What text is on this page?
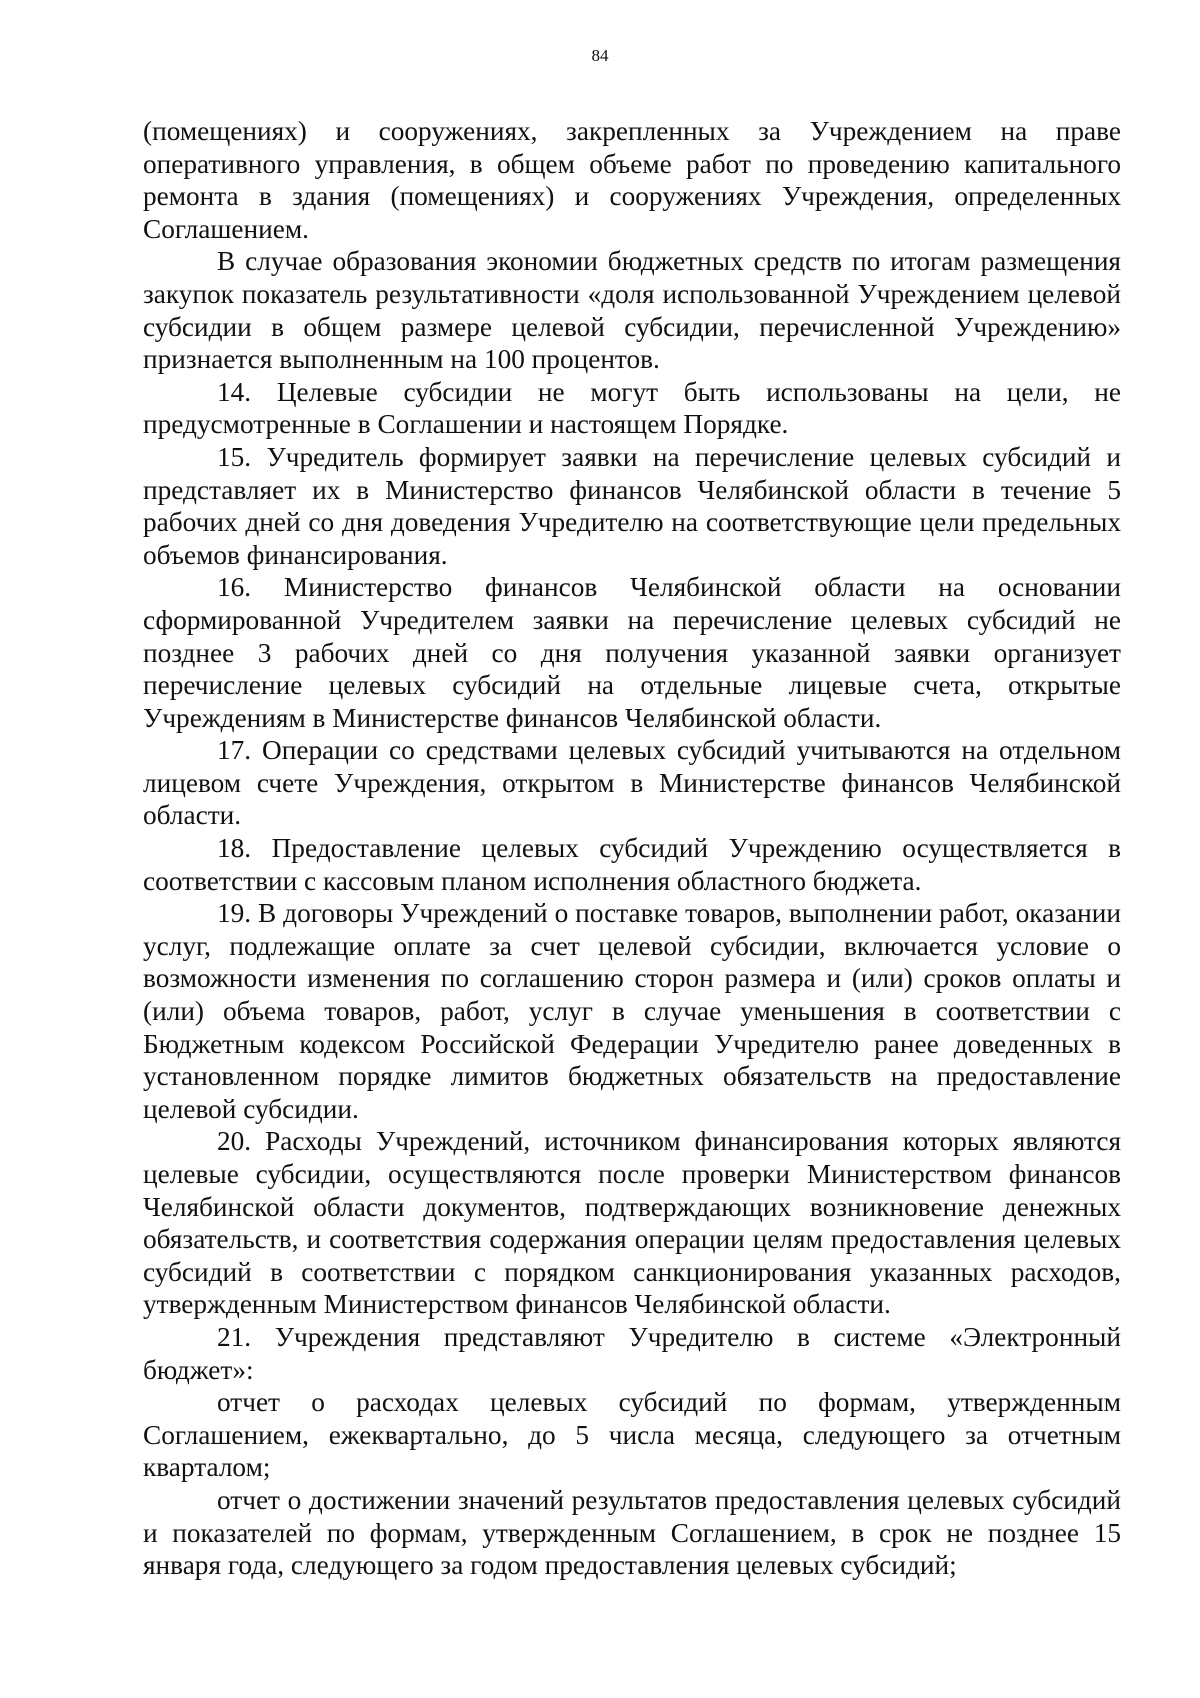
84

(помещениях) и сооружениях, закрепленных за Учреждением на праве оперативного управления, в общем объеме работ по проведению капитального ремонта в здания (помещениях) и сооружениях Учреждения, определенных Соглашением.

В случае образования экономии бюджетных средств по итогам размещения закупок показатель результативности «доля использованной Учреждением целевой субсидии в общем размере целевой субсидии, перечисленной Учреждению» признается выполненным на 100 процентов.

14. Целевые субсидии не могут быть использованы на цели, не предусмотренные в Соглашении и настоящем Порядке.

15. Учредитель формирует заявки на перечисление целевых субсидий и представляет их в Министерство финансов Челябинской области в течение 5 рабочих дней со дня доведения Учредителю на соответствующие цели предельных объемов финансирования.

16. Министерство финансов Челябинской области на основании сформированной Учредителем заявки на перечисление целевых субсидий не позднее 3 рабочих дней со дня получения указанной заявки организует перечисление целевых субсидий на отдельные лицевые счета, открытые Учреждениям в Министерстве финансов Челябинской области.

17. Операции со средствами целевых субсидий учитываются на отдельном лицевом счете Учреждения, открытом в Министерстве финансов Челябинской области.

18. Предоставление целевых субсидий Учреждению осуществляется в соответствии с кассовым планом исполнения областного бюджета.

19. В договоры Учреждений о поставке товаров, выполнении работ, оказании услуг, подлежащие оплате за счет целевой субсидии, включается условие о возможности изменения по соглашению сторон размера и (или) сроков оплаты и (или) объема товаров, работ, услуг в случае уменьшения в соответствии с Бюджетным кодексом Российской Федерации Учредителю ранее доведенных в установленном порядке лимитов бюджетных обязательств на предоставление целевой субсидии.

20. Расходы Учреждений, источником финансирования которых являются целевые субсидии, осуществляются после проверки Министерством финансов Челябинской области документов, подтверждающих возникновение денежных обязательств, и соответствия содержания операции целям предоставления целевых субсидий в соответствии с порядком санкционирования указанных расходов, утвержденным Министерством финансов Челябинской области.

21. Учреждения представляют Учредителю в системе «Электронный бюджет»:

отчет о расходах целевых субсидий по формам, утвержденным Соглашением, ежеквартально, до 5 числа месяца, следующего за отчетным кварталом;

отчет о достижении значений результатов предоставления целевых субсидий и показателей по формам, утвержденным Соглашением, в срок не позднее 15 января года, следующего за годом предоставления целевых субсидий;
